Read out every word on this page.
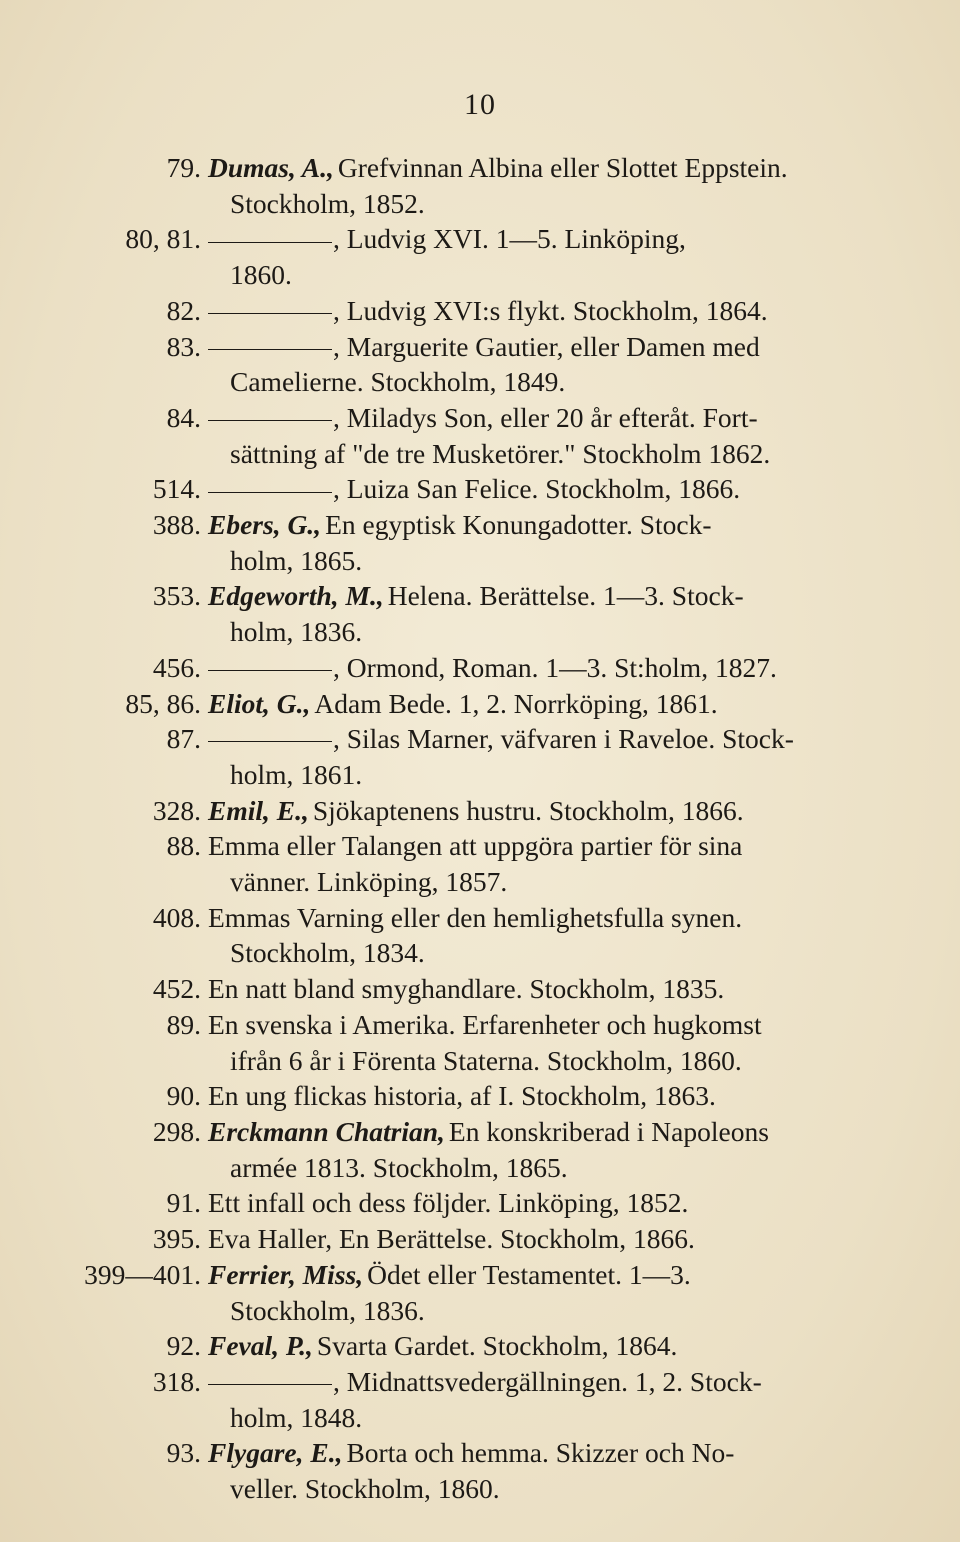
10

79. Dumas, A., Grefvinnan Albina eller Slottet Eppstein.
Stockholm, 1852.

80, 81.	, Ludvig XVI. 1—5. Linköping,
1860.

82.	, Ludvig XVI:s flykt. Stockholm, 1864.

83.	, Marguerite Gautier, eller Damen med
Camelierne. Stockholm, 1849.

84.	, Miladys Son, eller 20 år efteråt. Fort-
sättning af "de tre Musketörer." Stockholm 1862.

514.	, Luiza San Felice. Stockholm, 1866.

388. Ebers, G., En egyptisk Konungadotter. Stock-
holm, 1865.

353. Edgeworth, M., Helena. Berättelse. 1—3. Stock-
holm, 1836.

456.	, Ormond, Roman. 1—3. St:holm, 1827.

85, 86. Eliot, G., Adam Bede. 1, 2. Norrköping, 1861.

87.	, Silas Marner, väfvaren i Raveloe. Stock-
holm, 1861.

328. Emil, E., Sjökaptenens hustru. Stockholm, 1866.

88. Emma eller Talangen att uppgöra partier för sina
vänner. Linköping, 1857.

408. Emmas Varning eller den hemlighetsfulla synen.
Stockholm, 1834.

452. En natt bland smyghandlare. Stockholm, 1835.

89. En svenska i Amerika. Erfarenheter och hugkomst
ifrån 6 år i Förenta Staterna. Stockholm, 1860.

90. En ung flickas historia, af I. Stockholm, 1863.

298. Erckmann Chatrian, En konskriberad i Napoleons
armée 1813. Stockholm, 1865.

91. Ett infall och dess följder. Linköping, 1852.

395. Eva Haller, En Berättelse. Stockholm, 1866.

399—401. Ferrier, Miss, Ödet eller Testamentet. 1—3.
Stockholm, 1836.

92. Feval, P., Svarta Gardet. Stockholm, 1864.

318.	, Midnattsvedergällningen. 1, 2. Stock-
holm, 1848.

93. Flygare, E., Borta och hemma. Skizzer och No-
veller. Stockholm, 1860.
